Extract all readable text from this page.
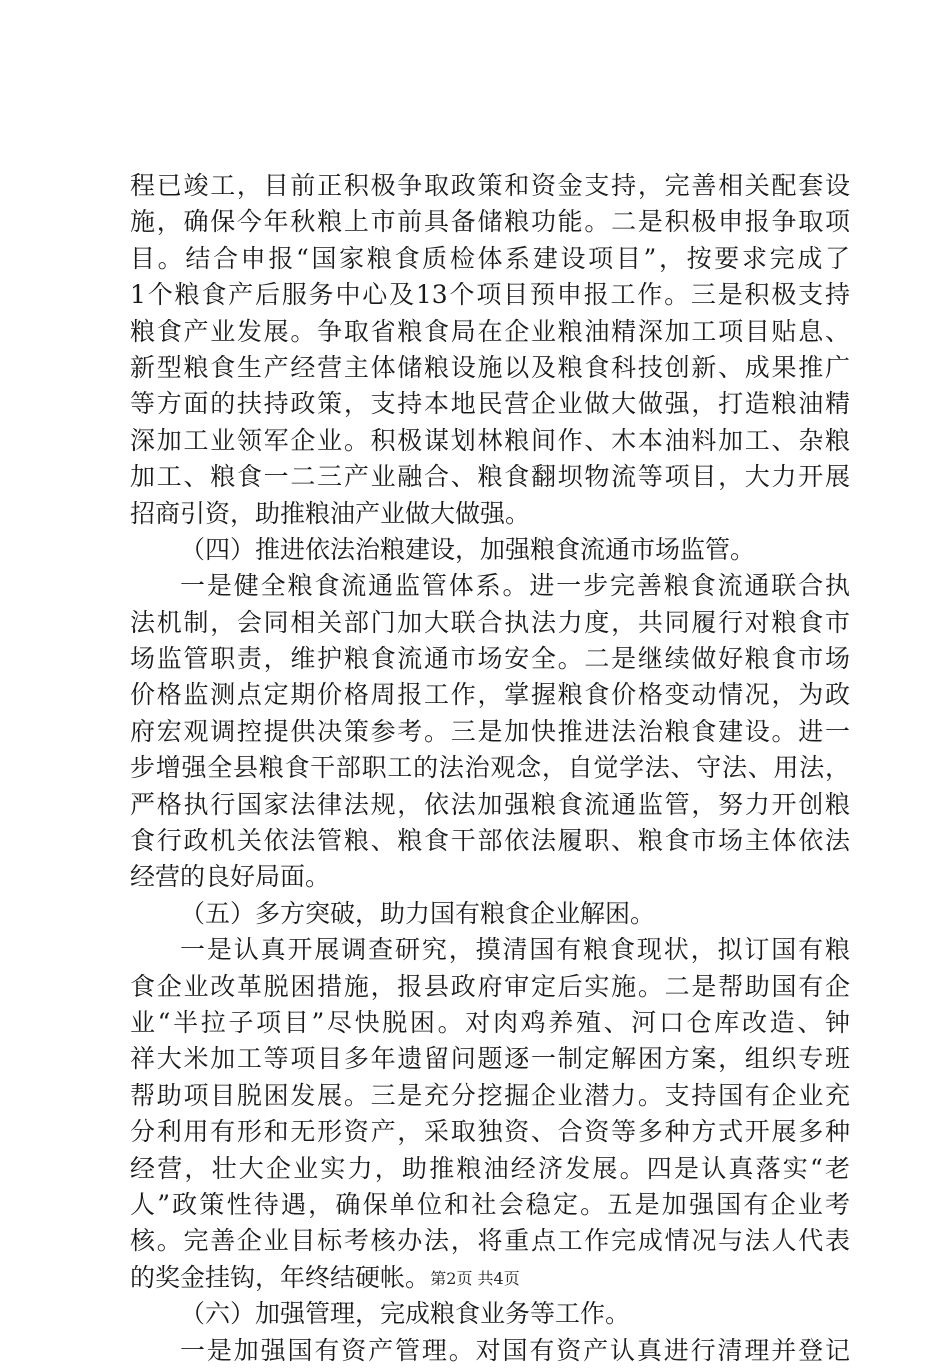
程已竣工，目前正积极争取政策和资金支持，完善相关配套设
施，确保今年秋粮上市前具备储粮功能。二是积极申报争取项
目。结合申报“国家粮食质检体系建设项目”，按要求完成了
1个粮食产后服务中心及13个项目预申报工作。三是积极支持
粮食产业发展。争取省粮食局在企业粮油精深加工项目贴息、
新型粮食生产经营主体储粮设施以及粮食科技创新、成果推广
等方面的扶持政策，支持本地民营企业做大做强，打造粮油精
深加工业领军企业。积极谋划林粮间作、木本油料加工、杂粮
加工、粮食一二三产业融合、粮食翻坝物流等项目，大力开展
招商引资，助推粮油产业做大做强。
（四）推进依法治粮建设，加强粮食流通市场监管。
一是健全粮食流通监管体系。进一步完善粮食流通联合执
法机制，会同相关部门加大联合执法力度，共同履行对粮食市
场监管职责，维护粮食流通市场安全。二是继续做好粮食市场
价格监测点定期价格周报工作，掌握粮食价格变动情况，为政
府宏观调控提供决策参考。三是加快推进法治粮食建设。进一
步增强全县粮食干部职工的法治观念，自觉学法、守法、用法，
严格执行国家法律法规，依法加强粮食流通监管，努力开创粮
食行政机关依法管粮、粮食干部依法履职、粮食市场主体依法
经营的良好局面。
（五）多方突破，助力国有粮食企业解困。
一是认真开展调查研究，摸清国有粮食现状，拟订国有粮
食企业改革脱困措施，报县政府审定后实施。二是帮助国有企
业“半拉子项目”尽快脱困。对肉鸡养殖、河口仓库改造、钟
祥大米加工等项目多年遗留问题逐一制定解困方案，组织专班
帮助项目脱困发展。三是充分挖掘企业潜力。支持国有企业充
分利用有形和无形资产，采取独资、合资等多种方式开展多种
经营，壮大企业实力，助推粮油经济发展。四是认真落实“老
人”政策性待遇，确保单位和社会稳定。五是加强国有企业考
核。完善企业目标考核办法，将重点工作完成情况与法人代表
的奖金挂钩，年终结硬帐。
（六）加强管理，完成粮食业务等工作。
一是加强国有资产管理。对国有资产认真进行清理并登记
第2页 共4页
